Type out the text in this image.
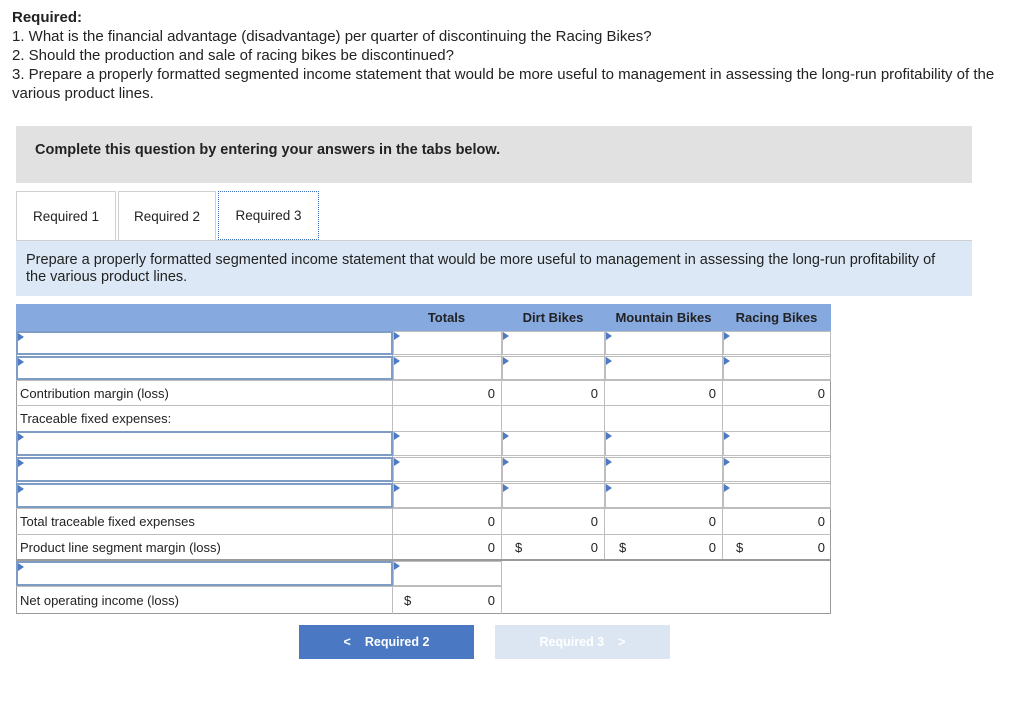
Required:
1. What is the financial advantage (disadvantage) per quarter of discontinuing the Racing Bikes?
2. Should the production and sale of racing bikes be discontinued?
3. Prepare a properly formatted segmented income statement that would be more useful to management in assessing the long-run profitability of the various product lines.
Complete this question by entering your answers in the tabs below.
Required 1	Required 2	Required 3
Prepare a properly formatted segmented income statement that would be more useful to management in assessing the long-run profitability of the various product lines.
Totals	Dirt Bikes	Mountain Bikes	Racing Bikes
Contribution margin (loss)	0	0	0	0
Traceable fixed expenses:
Total traceable fixed expenses	0	0	0	0
Product line segment margin (loss)	0 $	0 $	0 $	0
Net operating income (loss)	$	0
< Required 2	Required 3 >
